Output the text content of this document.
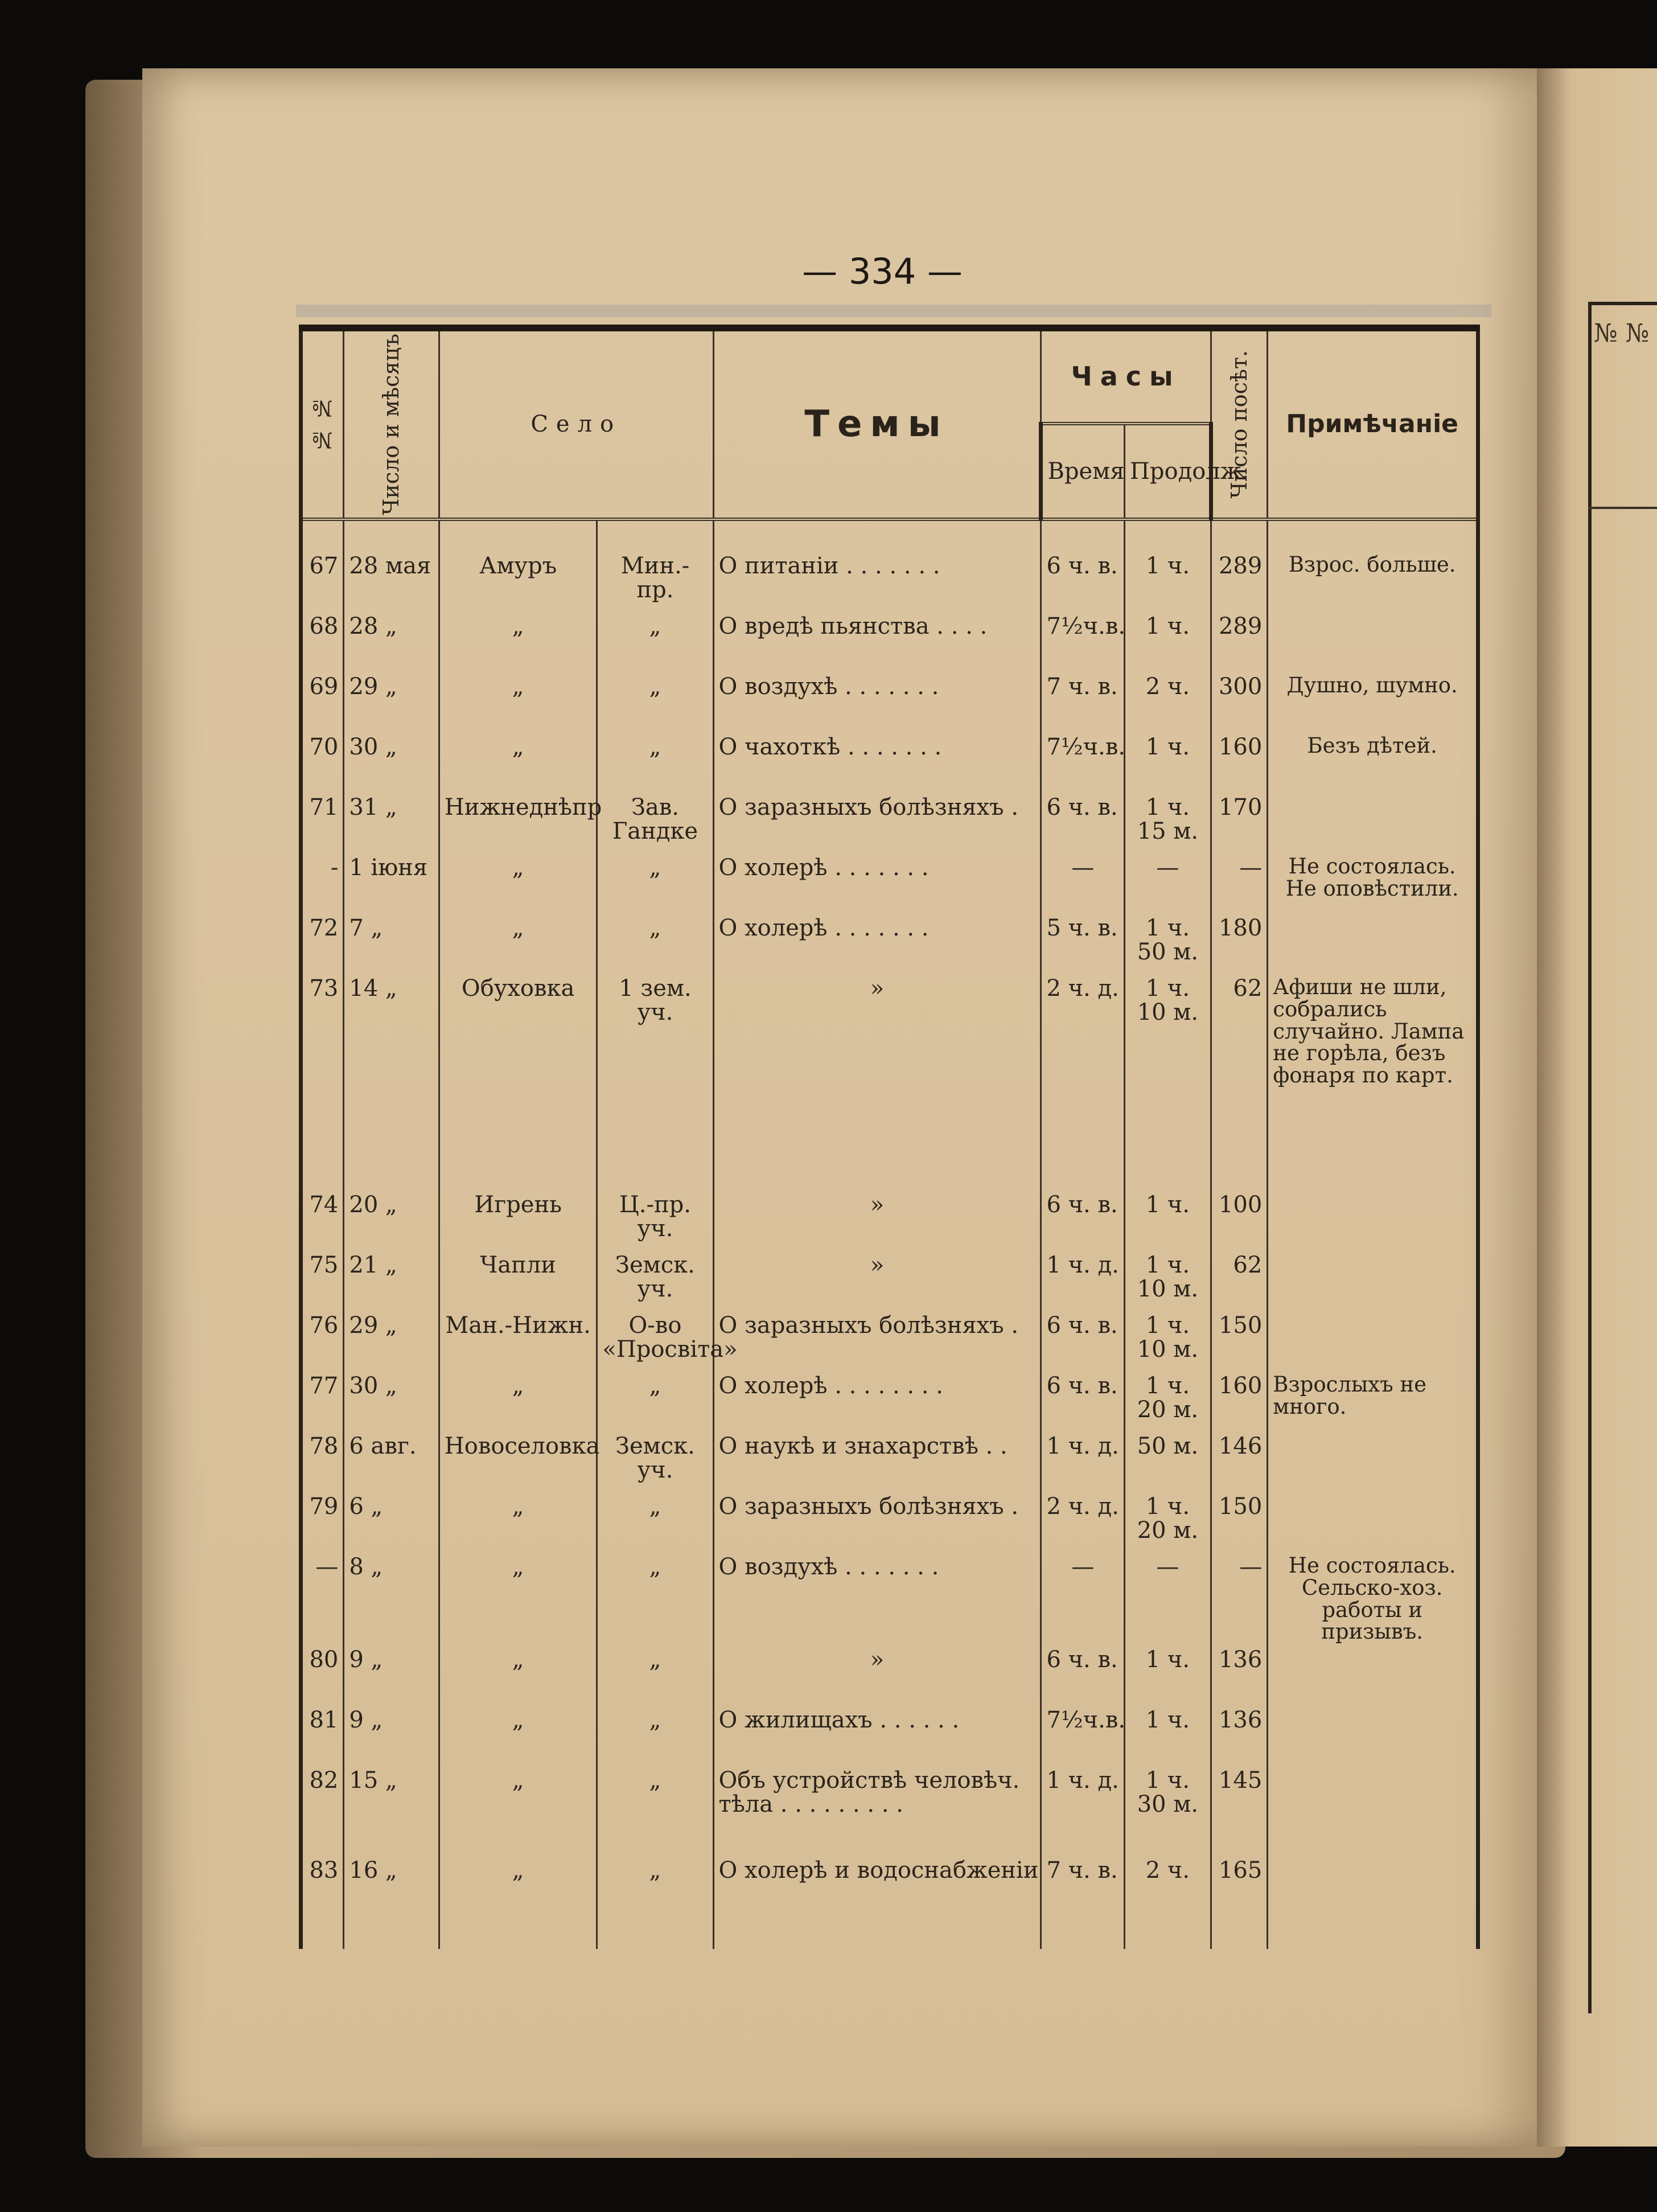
№ №
— 334 —
№ №	Число и мѣсяцъ	Село		Темы	Часы		Число посѣт.	Примѣчаніе
					Время	Продолж.		
67	28 мая	Амуръ	Мин.-пр.	О питаніи . . . . . . .	6 ч. в.	1 ч.	289	Взрос. больше.
68	28 „	„	„	О вредѣ пьянства . . . .	7½ч.в.	1 ч.	289	
69	29 „	„	„	О воздухѣ . . . . . . .	7 ч. в.	2 ч.	300	Душно, шумно.
70	30 „	„	„	О чахоткѣ . . . . . . .	7½ч.в.	1 ч.	160	Безъ дѣтей.
71	31 „	Нижнеднѣпр	Зав. Гандке	О заразныхъ болѣзняхъ .	6 ч. в.	1 ч. 15 м.	170	
-	1 іюня	„	„	О холерѣ . . . . . . .	—	—	—	Не состоялась. Не оповѣстили.
72	7 „	„	„	О холерѣ . . . . . . .	5 ч. в.	1 ч. 50 м.	180	
73	14 „	Обуховка	1 зем. уч.	»	2 ч. д.	1 ч. 10 м.	62	Афиши не шли, собрались случайно. Лампа не горѣла, безъ фонаря по карт.
74	20 „	Игрень	Ц.-пр. уч.	»	6 ч. в.	1 ч.	100	
75	21 „	Чапли	Земск. уч.	»	1 ч. д.	1 ч. 10 м.	62	
76	29 „	Ман.-Нижн.	О-во «Просвіта»	О заразныхъ болѣзняхъ .	6 ч. в.	1 ч. 10 м.	150	
77	30 „	„	„	О холерѣ . . . . . . . .	6 ч. в.	1 ч. 20 м.	160	Взрослыхъ не много.
78	6 авг.	Новоселовка	Земск. уч.	О наукѣ и знахарствѣ . .	1 ч. д.	50 м.	146	
79	6 „	„	„	О заразныхъ болѣзняхъ .	2 ч. д.	1 ч. 20 м.	150	
—	8 „	„	„	О воздухѣ . . . . . . .	—	—	—	Не состоялась. Сельско-хоз. работы и призывъ.
80	9 „	„	„	»	6 ч. в.	1 ч.	136	
81	9 „	„	„	О жилищахъ . . . . . .	7½ч.в.	1 ч.	136	
82	15 „	„	„	Объ устройствѣ человѣч. тѣла . . . . . . . . .	1 ч. д.	1 ч. 30 м.	145	
83	16 „	„	„	О холерѣ и водоснабженіи	7 ч. в.	2 ч.	165	
